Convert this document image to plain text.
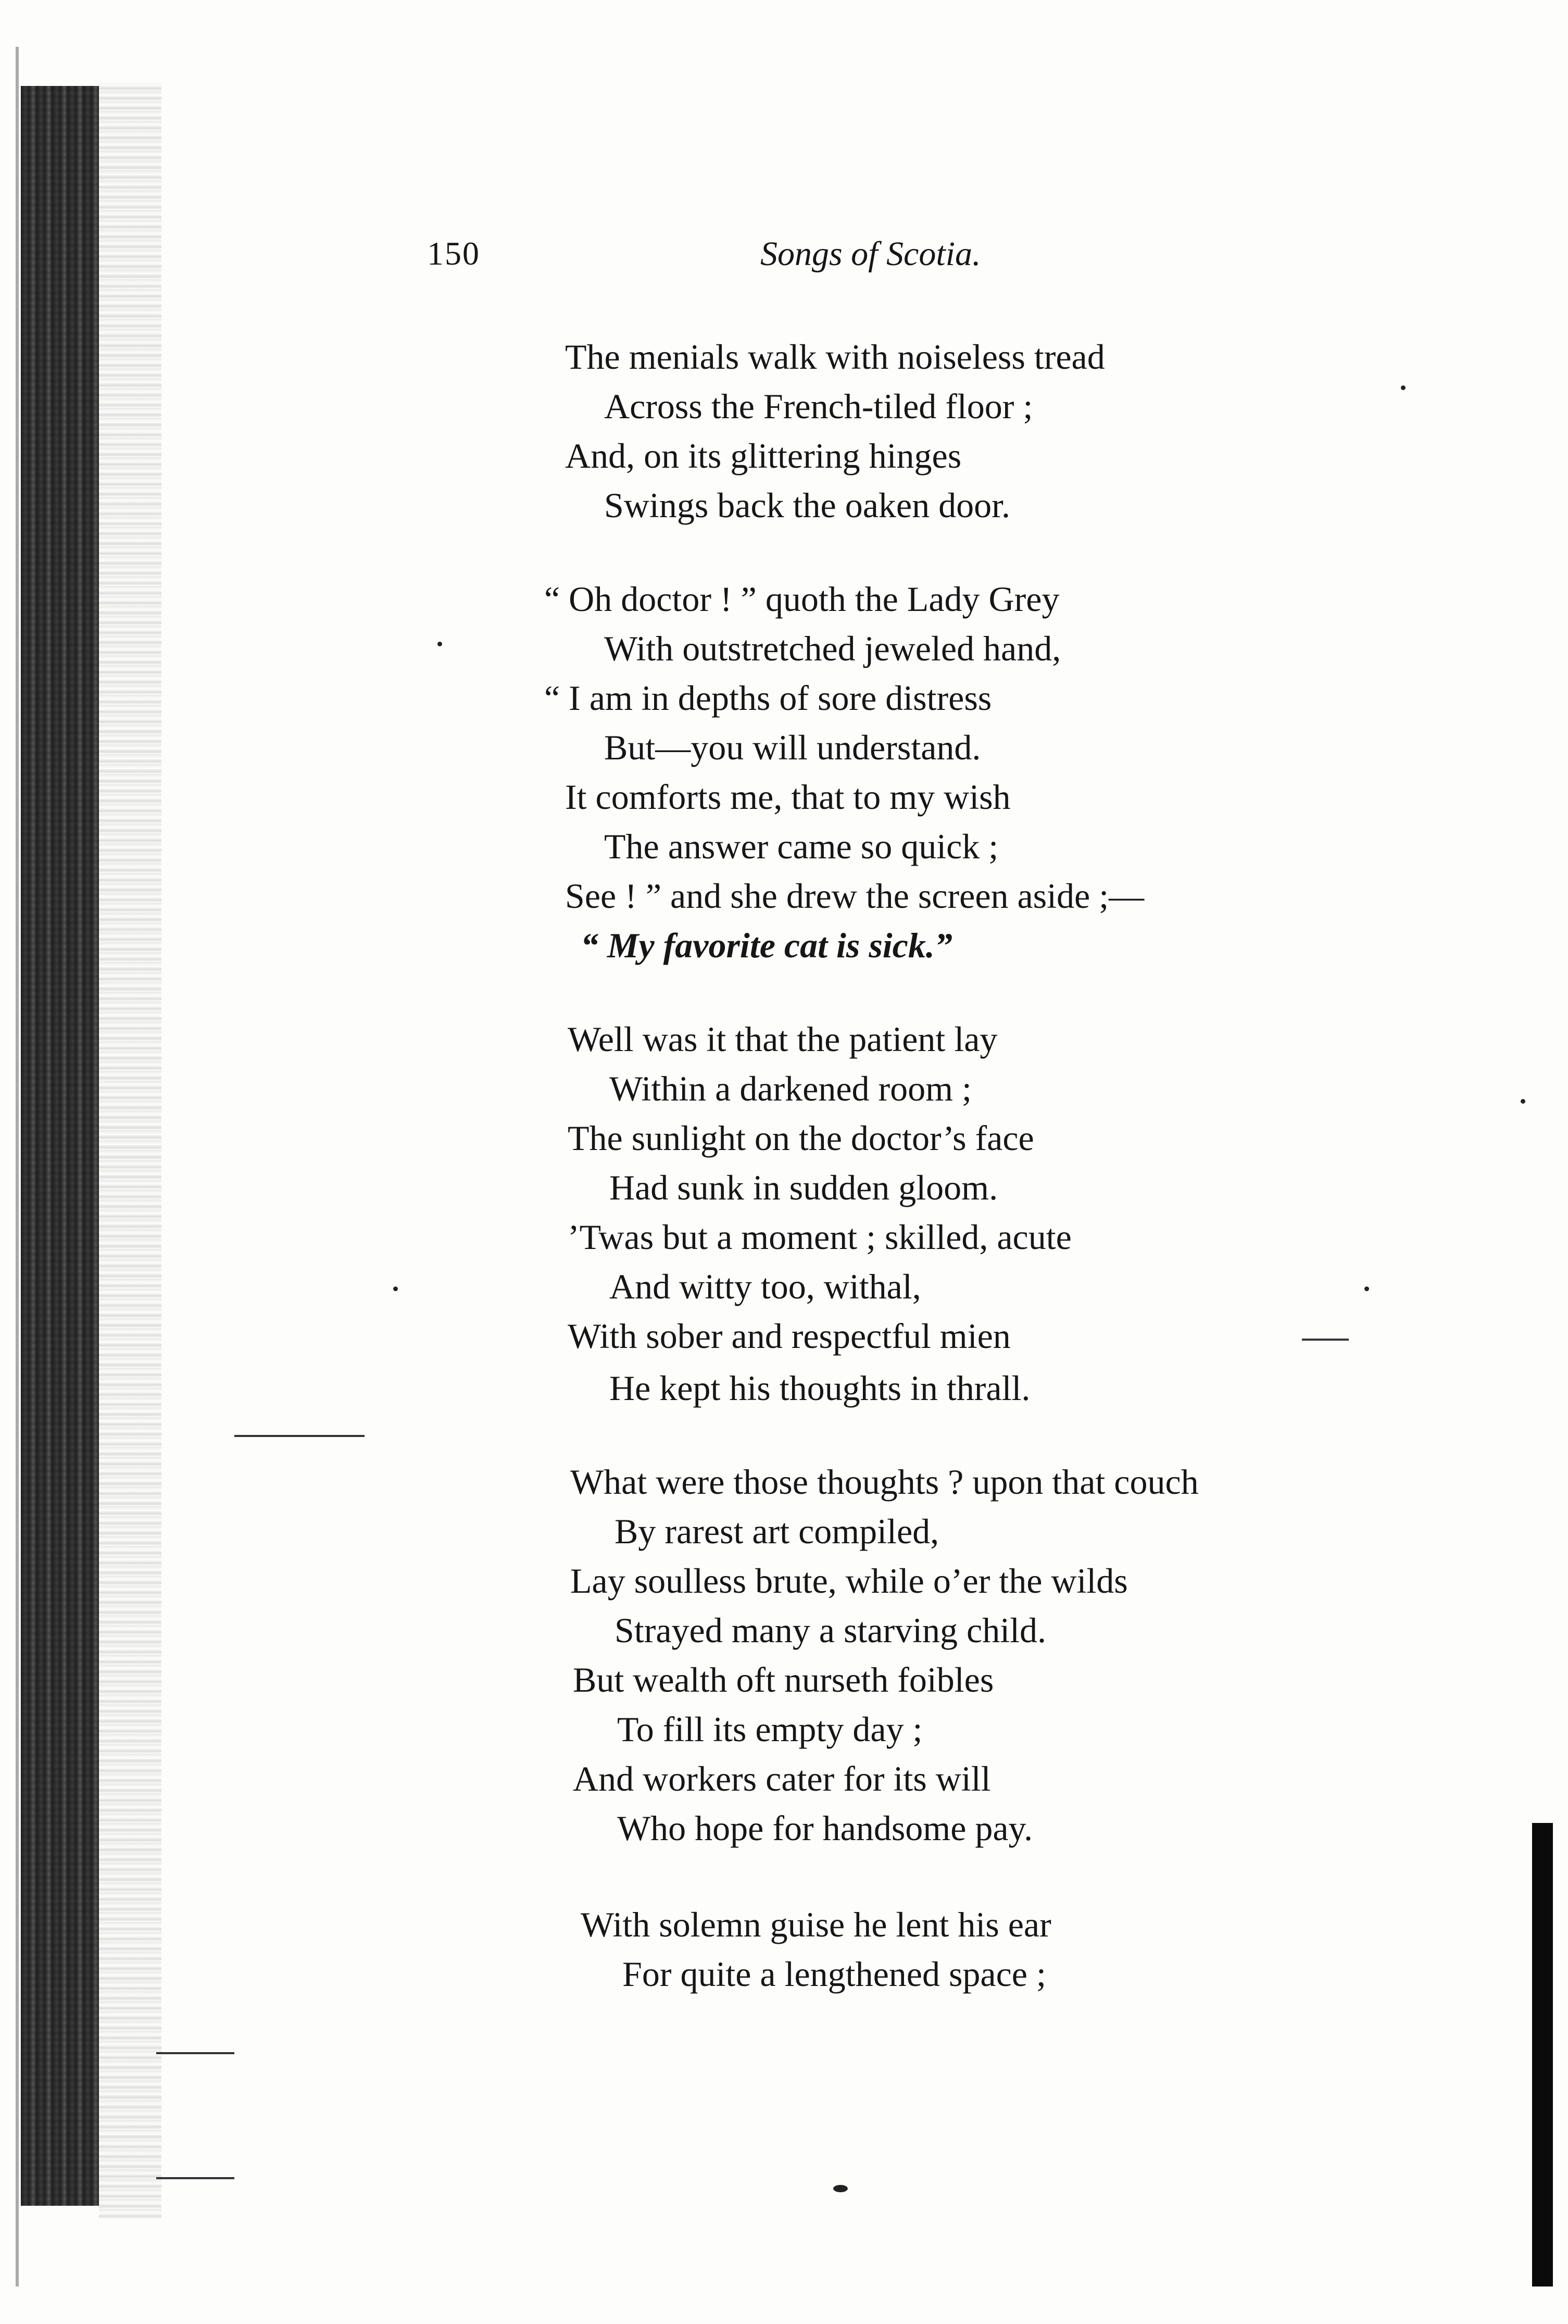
150	Songs of Scotia.
The menials walk with noiseless tread
Across the French-tiled floor ;
And, on its glittering hinges
Swings back the oaken door.
“ Oh doctor ! ” quoth the Lady Grey
With outstretched jeweled hand,
“ I am in depths of sore distress
But—you will understand.
It comforts me, that to my wish
The answer came so quick ;
See ! ” and she drew the screen aside ;—
“ My favorite cat is sick.”
Well was it that the patient lay
Within a darkened room ;
The sunlight on the doctor’s face
Had sunk in sudden gloom.
’Twas but a moment ; skilled, acute
And witty too, withal,
With sober and respectful mien
He kept his thoughts in thrall.
What were those thoughts ? upon that couch
By rarest art compiled,
Lay soulless brute, while o’er the wilds
Strayed many a starving child.
But wealth oft nurseth foibles
To fill its empty day ;
And workers cater for its will
Who hope for handsome pay.
With solemn guise he lent his ear
For quite a lengthened space ;
